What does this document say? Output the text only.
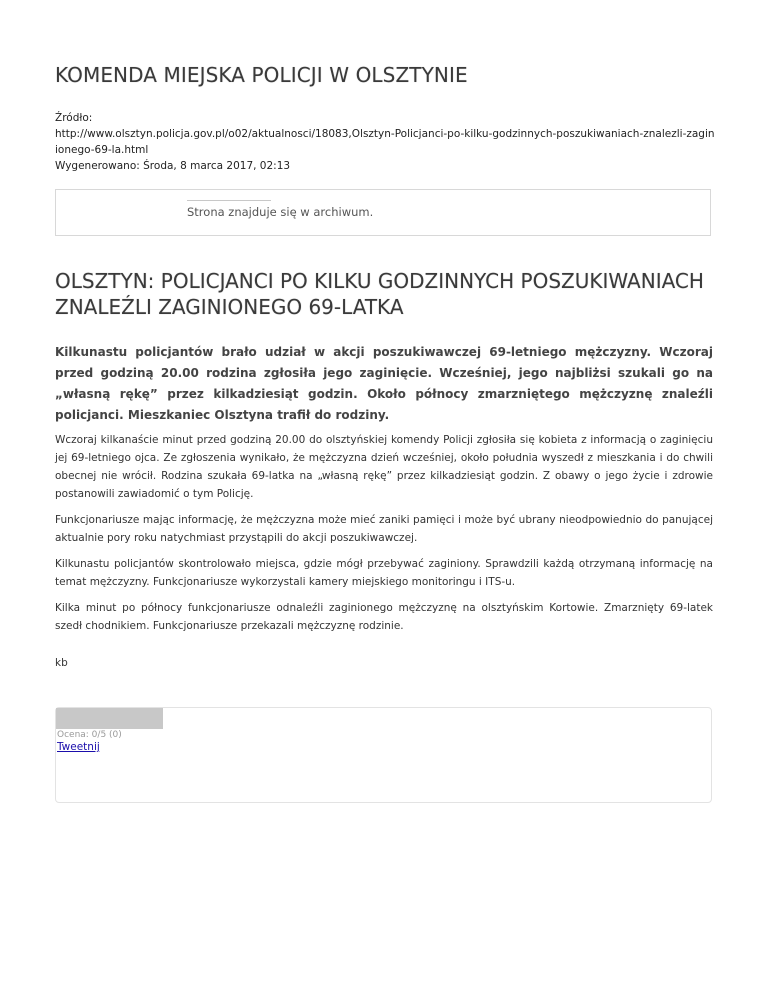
KOMENDA MIEJSKA POLICJI W OLSZTYNIE
Źródło:
http://www.olsztyn.policja.gov.pl/o02/aktualnosci/18083,Olsztyn-Policjanci-po-kilku-godzinnych-poszukiwaniach-znalezli-zaginionego-69-la.html
Wygenerowano: Środa, 8 marca 2017, 02:13
Strona znajduje się w archiwum.
OLSZTYN: POLICJANCI PO KILKU GODZINNYCH POSZUKIWANIACH ZNALEŹLI ZAGINIONEGO 69-LATKA

Kilkunastu policjantów brało udział w akcji poszukiwawczej 69-letniego mężczyzny. Wczoraj przed godziną 20.00 rodzina zgłosiła jego zaginięcie. Wcześniej, jego najbliżsi szukali go na „własną rękę” przez kilkadziesiąt godzin. Około północy zmarzniętego mężczyznę znaleźli policjanci. Mieszkaniec Olsztyna trafił do rodziny.

Wczoraj kilkanaście minut przed godziną 20.00 do olsztyńskiej komendy Policji zgłosiła się kobieta z informacją o zaginięciu jej 69-letniego ojca. Ze zgłoszenia wynikało, że mężczyzna dzień wcześniej, około południa wyszedł z mieszkania i do chwili obecnej nie wrócił. Rodzina szukała 69-latka na „własną rękę” przez kilkadziesiąt godzin. Z obawy o jego życie i zdrowie postanowili zawiadomić o tym Policję.

Funkcjonariusze mając informację, że mężczyzna może mieć zaniki pamięci i może być ubrany nieodpowiednio do panującej aktualnie pory roku natychmiast przystąpili do akcji poszukiwawczej.

Kilkunastu policjantów skontrolowało miejsca, gdzie mógł przebywać zaginiony. Sprawdzili każdą otrzymaną informację na temat mężczyzny. Funkcjonariusze wykorzystali kamery miejskiego monitoringu i ITS-u.

Kilka minut po północy funkcjonariusze odnaleźli zaginionego mężczyznę na olsztyńskim Kortowie. Zmarznięty 69-latek szedł chodnikiem. Funkcjonariusze przekazali mężczyznę rodzinie.

kb
Ocena: 0/5 (0)
Tweetnij
